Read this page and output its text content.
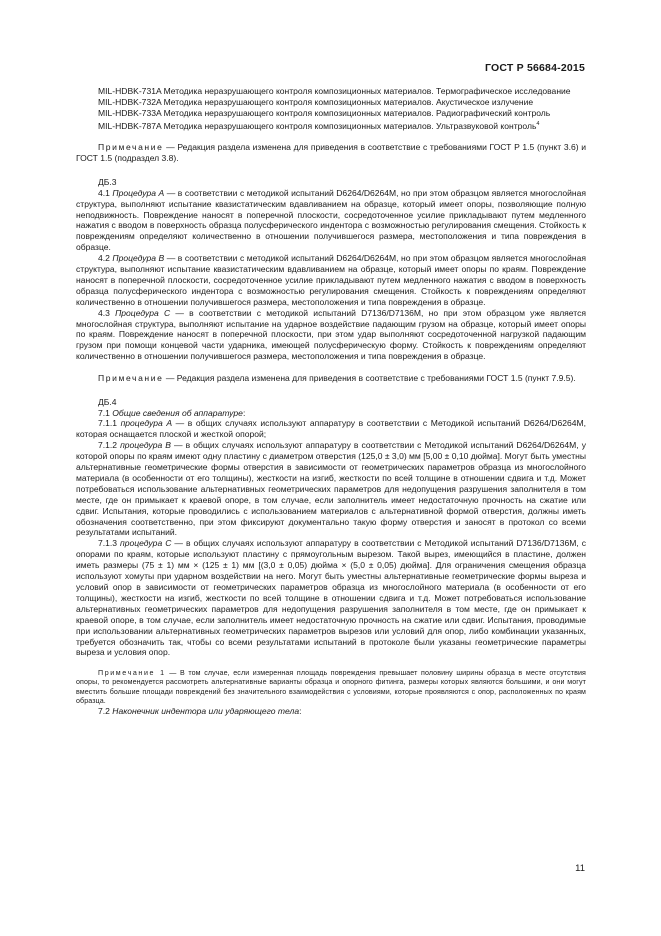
ГОСТ Р 56684-2015

MIL-HDBK-731A Методика неразрушающего контроля композиционных материалов. Термографическое исследование

MIL-HDBK-732A Методика неразрушающего контроля композиционных материалов. Акустическое излучение

MIL-HDBK-733A Методика неразрушающего контроля композиционных материалов. Радиографический контроль

MIL-HDBK-787A Методика неразрушающего контроля композиционных материалов. Ультразвуковой контроль$^4$

Примечание — Редакция раздела изменена для приведения в соответствие с требованиями ГОСТ Р 1.5 (пункт 3.6) и ГОСТ 1.5 (подраздел 3.8).

ДБ.3

4.1 Процедура А — в соответствии с методикой испытаний D6264/D6264M, но при этом образцом является многослойная структура, выполняют испытание квазистатическим вдавливанием на образце, который имеет опоры, позволяющие полную неподвижность. Повреждение наносят в поперечной плоскости, сосредоточенное усилие прикладывают путем медленного нажатия с вводом в поверхность образца полусферического индентора с возможностью регулирования смещения. Стойкость к повреждениям определяют количественно в отношении получившегося размера, местоположения и типа повреждения в образце.

4.2 Процедура В — в соответствии с методикой испытаний D6264/D6264M, но при этом образцом является многослойная структура, выполняют испытание квазистатическим вдавливанием на образце, который имеет опоры по краям. Повреждение наносят в поперечной плоскости, сосредоточенное усилие прикладывают путем медленного нажатия с вводом в поверхность образца полусферического индентора с возможностью регулирования смещения. Стойкость к повреждениям определяют количественно в отношении получившегося размера, местоположения и типа повреждения в образце.

4.3 Процедура С — в соответствии с методикой испытаний D7136/D7136M, но при этом образцом уже является многослойная структура, выполняют испытание на ударное воздействие падающим грузом на образце, который имеет опоры по краям. Повреждение наносят в поперечной плоскости, при этом удар выполняют сосредоточенной нагрузкой падающим грузом при помощи концевой части ударника, имеющей полусферическую форму. Стойкость к повреждениям определяют количественно в отношении получившегося размера, местоположения и типа повреждения в образце.

Примечание — Редакция раздела изменена для приведения в соответствие с требованиями ГОСТ 1.5 (пункт 7.9.5).

ДБ.4

7.1 Общие сведения об аппаратуре:

7.1.1 процедура А — в общих случаях используют аппаратуру в соответствии с Методикой испытаний D6264/D6264M, которая оснащается плоской и жесткой опорой;

7.1.2 процедура В — в общих случаях используют аппаратуру в соответствии с Методикой испытаний D6264/D6264M, у которой опоры по краям имеют одну пластину с диаметром отверстия (125,0 ± 3,0) мм [5,00 ± 0,10 дюйма]. Могут быть уместны альтернативные геометрические формы отверстия в зависимости от геометрических параметров образца из многослойного материала (в особенности от его толщины), жесткости на изгиб, жесткости по всей толщине в отношении сдвига и т.д. Может потребоваться использование альтернативных геометрических параметров для недопущения разрушения заполнителя в том месте, где он примыкает к краевой опоре, в том случае, если заполнитель имеет недостаточную прочность на сжатие или сдвиг. Испытания, которые проводились с использованием материалов с альтернативной формой отверстия, должны иметь обозначения соответственно, при этом фиксируют документально такую форму отверстия и заносят в протокол со всеми результатами испытаний.

7.1.3 процедура С — в общих случаях используют аппаратуру в соответствии с Методикой испытаний D7136/D7136M, с опорами по краям, которые используют пластину с прямоугольным вырезом. Такой вырез, имеющийся в пластине, должен иметь размеры (75 ± 1) мм × (125 ± 1) мм [(3,0 ± 0,05) дюйма × (5,0 ± 0,05) дюйма]. Для ограничения смещения образца используют хомуты при ударном воздействии на него. Могут быть уместны альтернативные геометрические формы выреза и условий опор в зависимости от геометрических параметров образца из многослойного материала (в особенности от его толщины), жесткости на изгиб, жесткости по всей толщине в отношении сдвига и т.д. Может потребоваться использование альтернативных геометрических параметров для недопущения разрушения заполнителя в том месте, где он примыкает к краевой опоре, в том случае, если заполнитель имеет недостаточную прочность на сжатие или сдвиг. Испытания, проводимые при использовании альтернативных геометрических параметров вырезов или условий для опор, либо комбинации указанных, требуется обозначить так, чтобы со всеми результатами испытаний в протоколе были указаны геометрические параметры выреза и условия опор.

Примечание 1 — В том случае, если измеренная площадь повреждения превышает половину ширины образца в месте отсутствия опоры, то рекомендуется рассмотреть альтернативные варианты образца и опорного фитинга, размеры которых являются большими, и они могут вместить большие площади повреждений без значительного взаимодействия с условиями, которые проявляются с опор, расположенных по краям образца.

7.2 Наконечник индентора или ударяющего тела:

11
